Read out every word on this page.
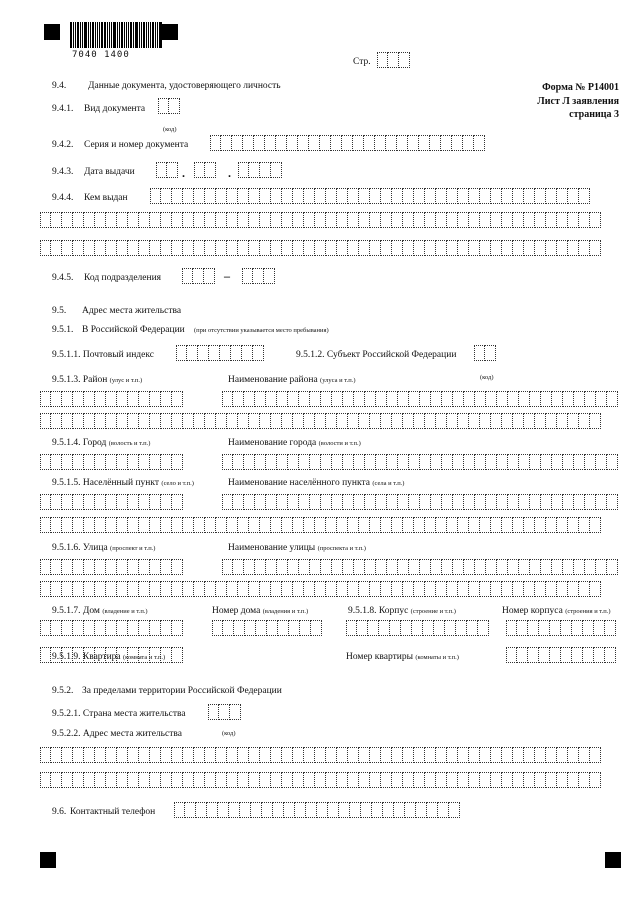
7040 1400
Стр.
Форма № Р14001
Лист Л заявления
страница 3
9.4. Данные документа, удостоверяющего личность
9.4.1. Вид документа
(код)
9.4.2. Серия и номер документа
9.4.3. Дата выдачи	.	.
9.4.4. Кем выдан
9.4.5. Код подразделения	–
9.5. Адрес места жительства
9.5.1. В Российской Федерации (при отсутствии указывается место пребывания)
9.5.1.1. Почтовый индекс	9.5.1.2. Субъект Российской Федерации
(код)
9.5.1.3. Район (улус и т.п.)	Наименование района (улуса и т.п.)
9.5.1.4. Город (волость и т.п.)	Наименование города (волости и т.п.)
9.5.1.5. Населённый пункт (село и т.п.)	Наименование населённого пункта (села и т.п.)
9.5.1.6. Улица (проспект и т.п.)	Наименование улицы (проспекта и т.п.)
9.5.1.7. Дом (владение и т.п.)	Номер дома (владения и т.п.)	9.5.1.8. Корпус (строение и т.п.)	Номер корпуса (строения и т.п.)
9.5.1.9. Квартира (комната и т.п.)	Номер квартиры (комнаты и т.п.)
9.5.2. За пределами территории Российской Федерации
9.5.2.1. Страна места жительства
9.5.2.2. Адрес места жительства	(код)
9.6. Контактный телефон
